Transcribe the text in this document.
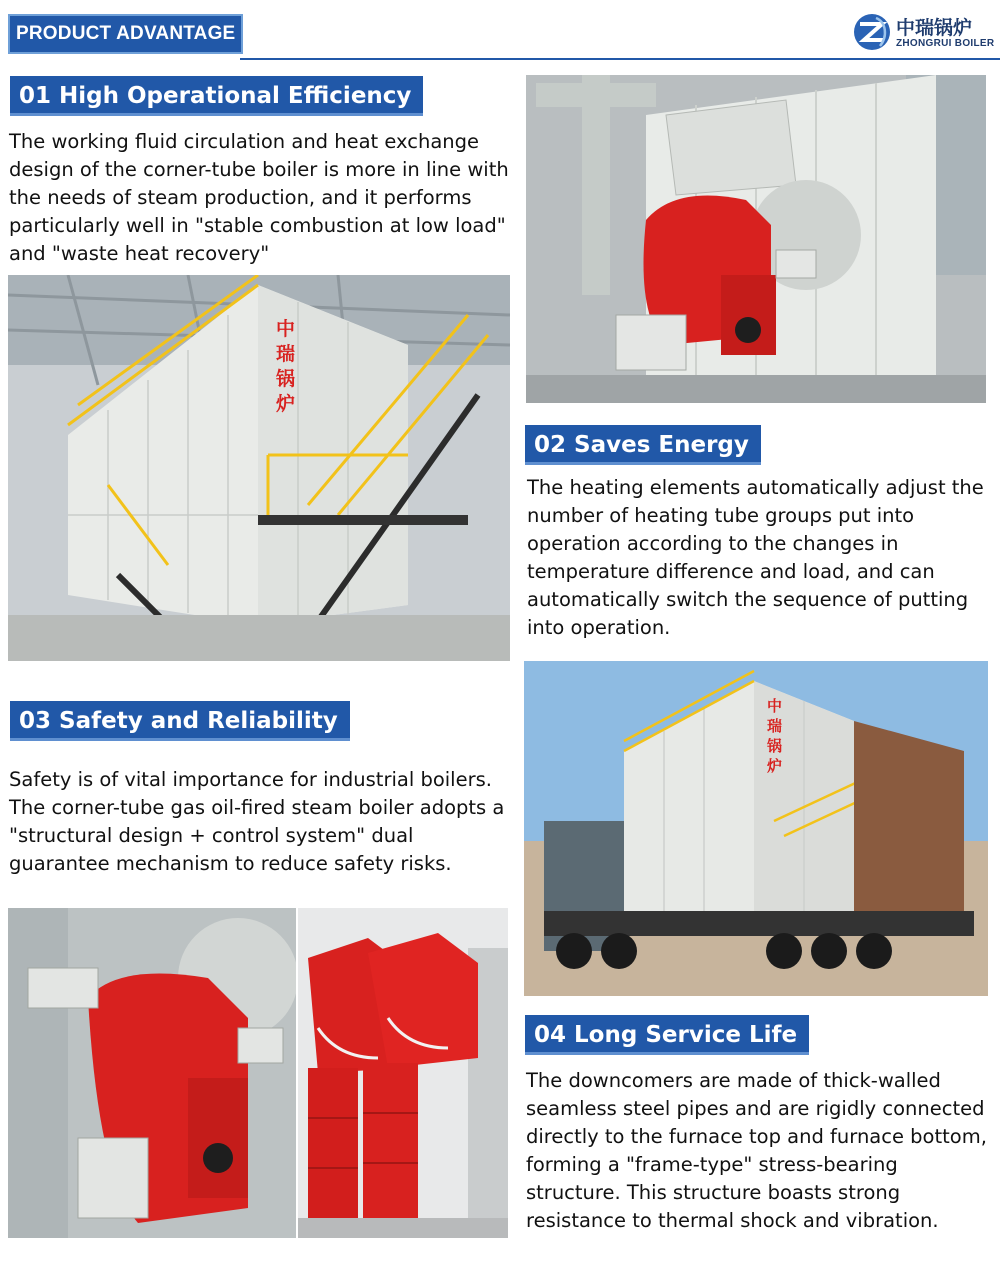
PRODUCT ADVANTAGE	中瑞锅炉
ZHONGRUI BOILER
01 High Operational Efficiency
The working fluid circulation and heat exchange design of the corner-tube boiler is more in line with the needs of steam production, and it performs particularly well in "stable combustion at low load" and "waste heat recovery"
中
瑞
锅
炉
02 Saves Energy
The heating elements automatically adjust the number of heating tube groups put into operation according to the changes in temperature difference and load, and can automatically switch the sequence of putting into operation.
03 Safety and Reliability
Safety is of vital importance for industrial boilers. The corner-tube gas oil-fired steam boiler adopts a "structural design + control system" dual guarantee mechanism to reduce safety risks.
中
瑞
锅
炉
04 Long Service Life
The downcomers are made of thick-walled seamless steel pipes and are rigidly connected directly to the furnace top and furnace bottom, forming a "frame-type" stress-bearing structure. This structure boasts strong resistance to thermal shock and vibration.
